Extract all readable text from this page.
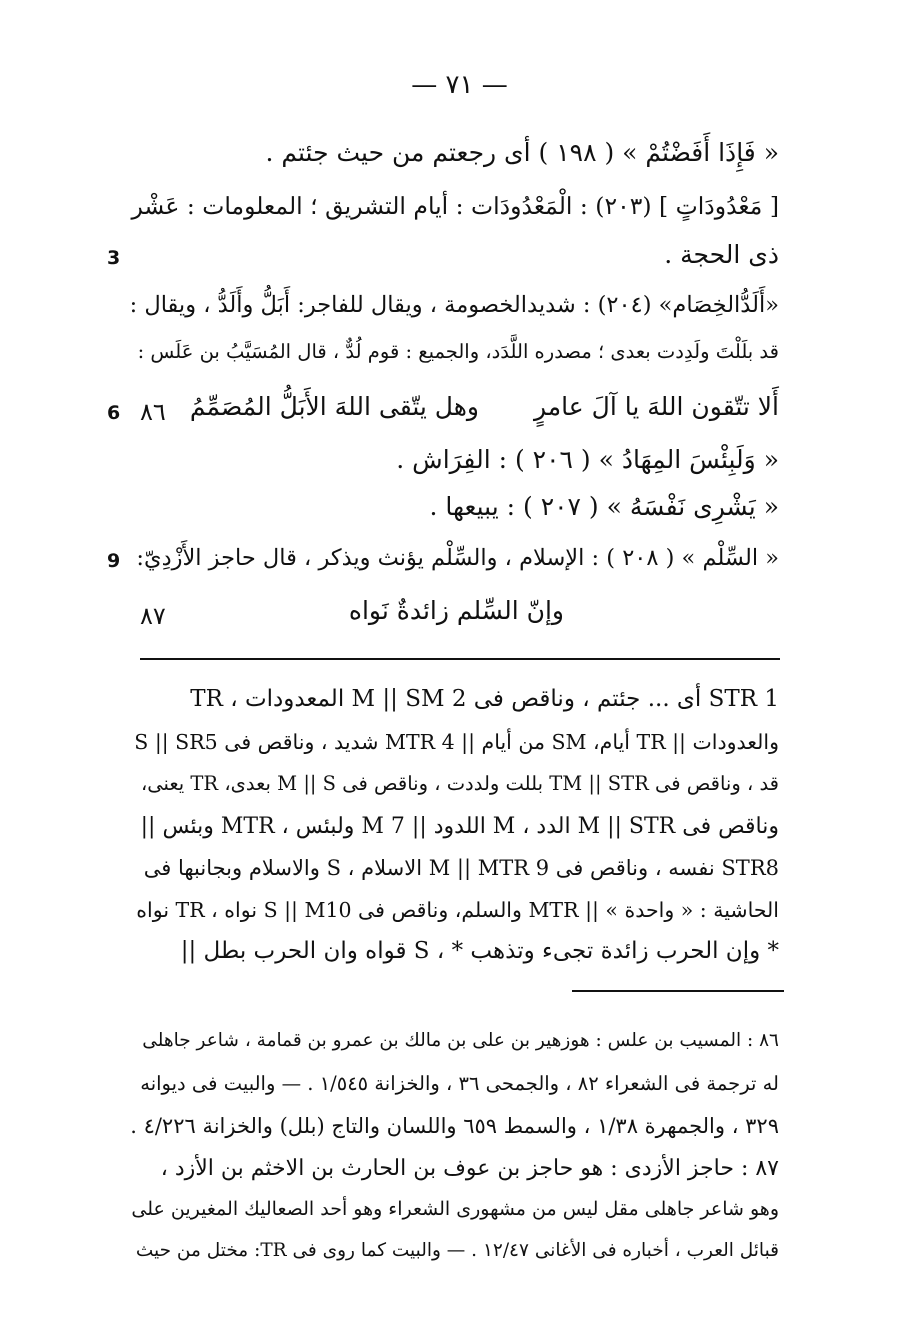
— ٧١ —
« فَإِذَا أَفَضْتُمْ » ( ١٩٨ ) أى رجعتم من حيث جئتم .
[ مَعْدُودَاتٍ ] (٢٠٣) : الْمَعْدُودَات : أيام التشريق ؛ المعلومات : عَشْر
ذى الحجة .
3
«أَلَدُّالخِصَام» (٢٠٤) : شديدالخصومة ، ويقال للفاجر: أَبَلُّ وأَلَدُّ ، ويقال :
قد بلَلْتَ ولَدِدت بعدى ؛ مصدره اللَّدَد، والجميع : قوم لُدٌّ ، قال المُسَيَّبُ بن عَلَس :
أَلا تتّقون اللهَ يا آلَ عامرٍ
وهل يتّقى اللهَ الأَبَلُّ المُصَمِّمُ
٨٦
6
« وَلَبِئْسَ المِهَادُ » ( ٢٠٦ ) : الفِرَاش .
« يَشْرِى نَفْسَهُ » ( ٢٠٧ ) : يبيعها .
« السِّلْم » ( ٢٠٨ ) : الإسلام ، والسِّلْم يؤنث ويذكر ، قال حاجز الأَزْدِيّ:
9
وإنّ السِّلم زائدةٌ نَواه
٨٧
STR 1 أى ... جئتم ، وناقص فى M || SM 2 المعدودات ، TR
والعدودات || TR أيام، SM من أيام || MTR 4 شديد ، وناقص فى S || SR5
قد ، وناقص فى TM || STR بللت ولددت ، وناقص فى M || S بعدى، TR يعنى،
وناقص فى M || STR الدد ، M اللدود || M 7 ولبئس ، MTR وبئس ||
STR8 نفسه ، وناقص فى M || MTR 9 الاسلام ، S والاسلام وبجانبها فى
الحاشية : « واحدة » || MTR والسلم، وناقص فى S || M10 نواه ، TR نواه
* وإن الحرب زائدة تجىء وتذهب * ، S قواه وان الحرب بطل ||
٨٦ : المسيب بن علس : هوزهير بن على بن مالك بن عمرو بن قمامة ، شاعر جاهلى
له ترجمة فى الشعراء ٨٢ ، والجمحى ٣٦ ، والخزانة ١/٥٤٥ . — والبيت فى ديوانه
٣٢٩ ، والجمهرة ١/٣٨ ، والسمط ٦٥٩ واللسان والتاج (بلل) والخزانة ٤/٢٢٦ .
٨٧ : حاجز الأزدى : هو حاجز بن عوف بن الحارث بن الاخثم بن الأزد ،
وهو شاعر جاهلى مقل ليس من مشهورى الشعراء وهو أحد الصعاليك المغيرين على
قبائل العرب ، أخباره فى الأغانى ١٢/٤٧ . — والبيت كما روى فى TR: مختل من حيث
